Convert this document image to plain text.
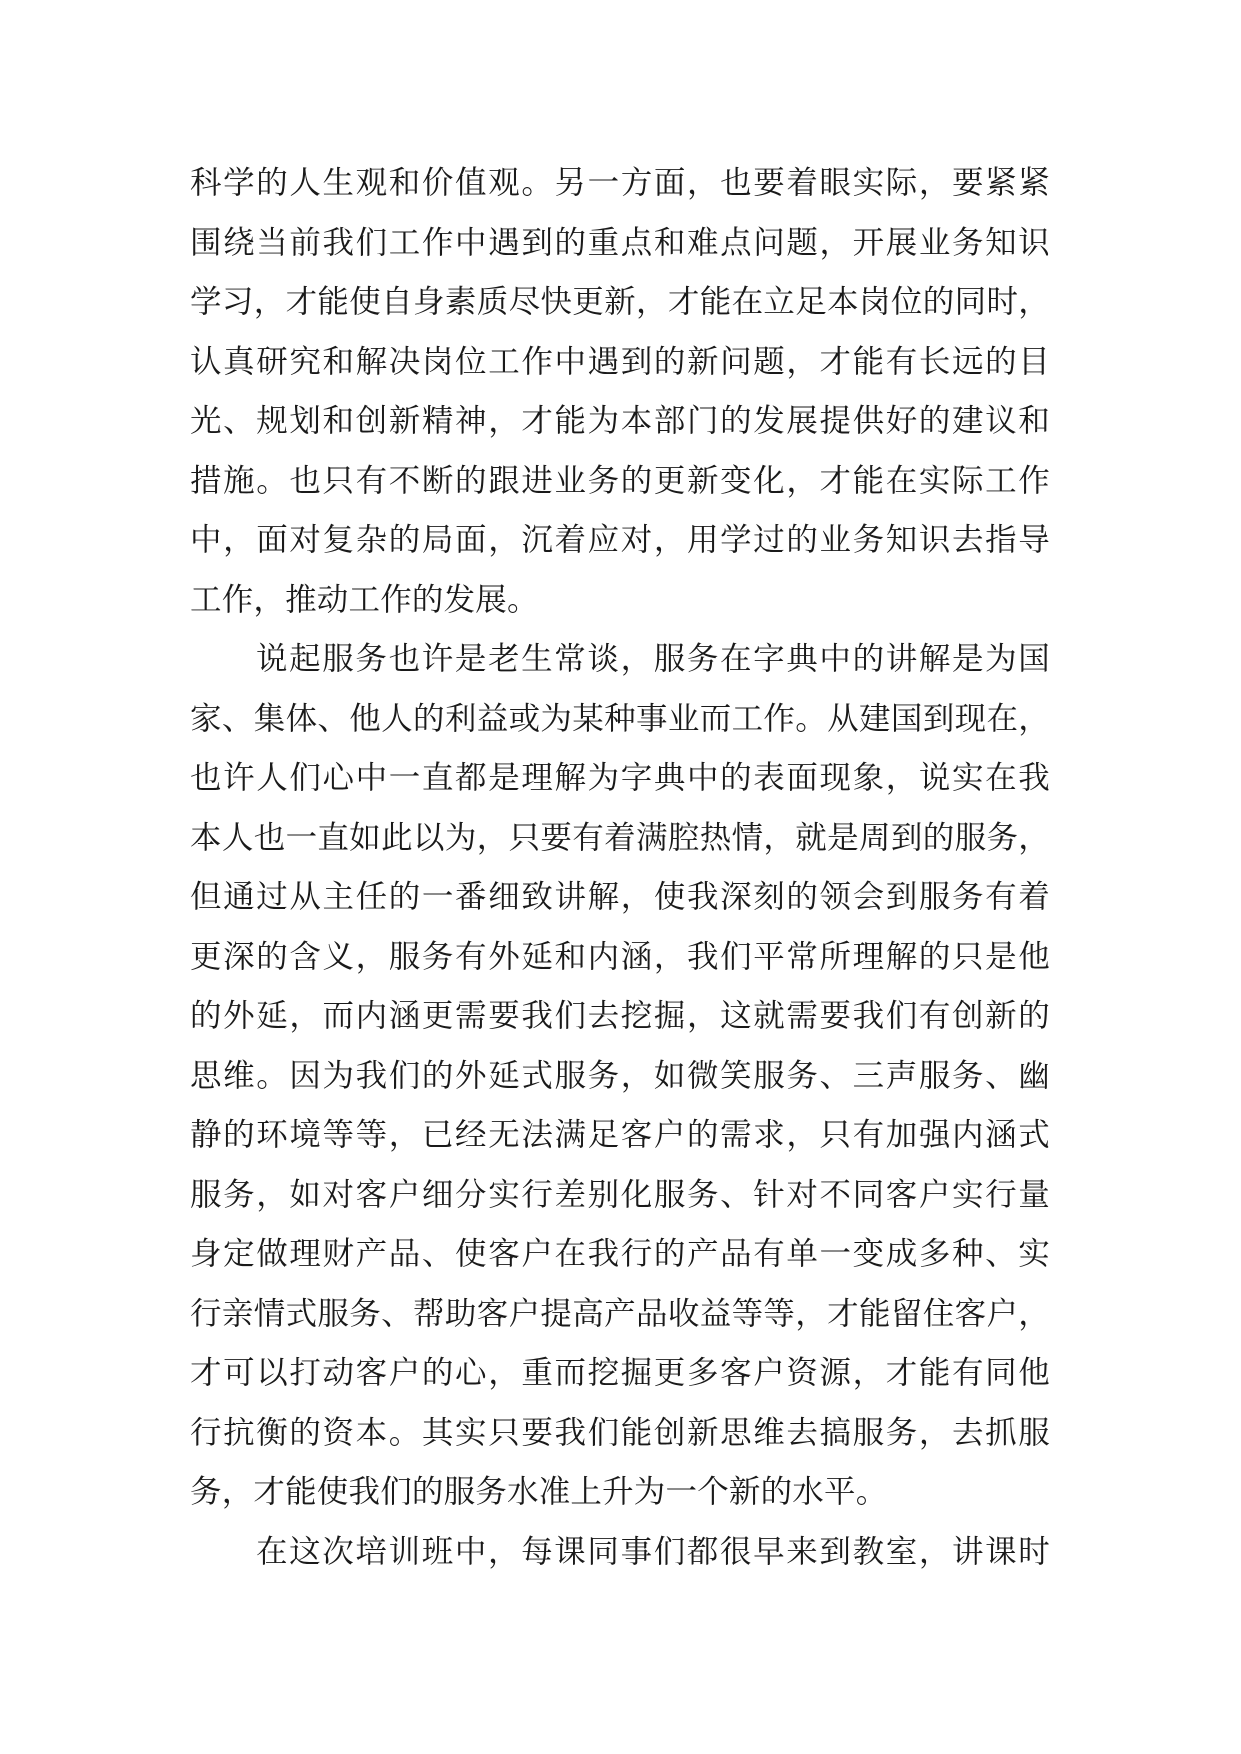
科学的人生观和价值观。另一方面，也要着眼实际，要紧紧
围绕当前我们工作中遇到的重点和难点问题，开展业务知识
学习，才能使自身素质尽快更新，才能在立足本岗位的同时，
认真研究和解决岗位工作中遇到的新问题，才能有长远的目
光、规划和创新精神，才能为本部门的发展提供好的建议和
措施。也只有不断的跟进业务的更新变化，才能在实际工作
中，面对复杂的局面，沉着应对，用学过的业务知识去指导
工作，推动工作的发展。
说起服务也许是老生常谈，服务在字典中的讲解是为国
家、集体、他人的利益或为某种事业而工作。从建国到现在，
也许人们心中一直都是理解为字典中的表面现象，说实在我
本人也一直如此以为，只要有着满腔热情，就是周到的服务，
但通过从主任的一番细致讲解，使我深刻的领会到服务有着
更深的含义，服务有外延和内涵，我们平常所理解的只是他
的外延，而内涵更需要我们去挖掘，这就需要我们有创新的
思维。因为我们的外延式服务，如微笑服务、三声服务、幽
静的环境等等，已经无法满足客户的需求，只有加强内涵式
服务，如对客户细分实行差别化服务、针对不同客户实行量
身定做理财产品、使客户在我行的产品有单一变成多种、实
行亲情式服务、帮助客户提高产品收益等等，才能留住客户，
才可以打动客户的心，重而挖掘更多客户资源，才能有同他
行抗衡的资本。其实只要我们能创新思维去搞服务，去抓服
务，才能使我们的服务水准上升为一个新的水平。
在这次培训班中，每课同事们都很早来到教室，讲课时
